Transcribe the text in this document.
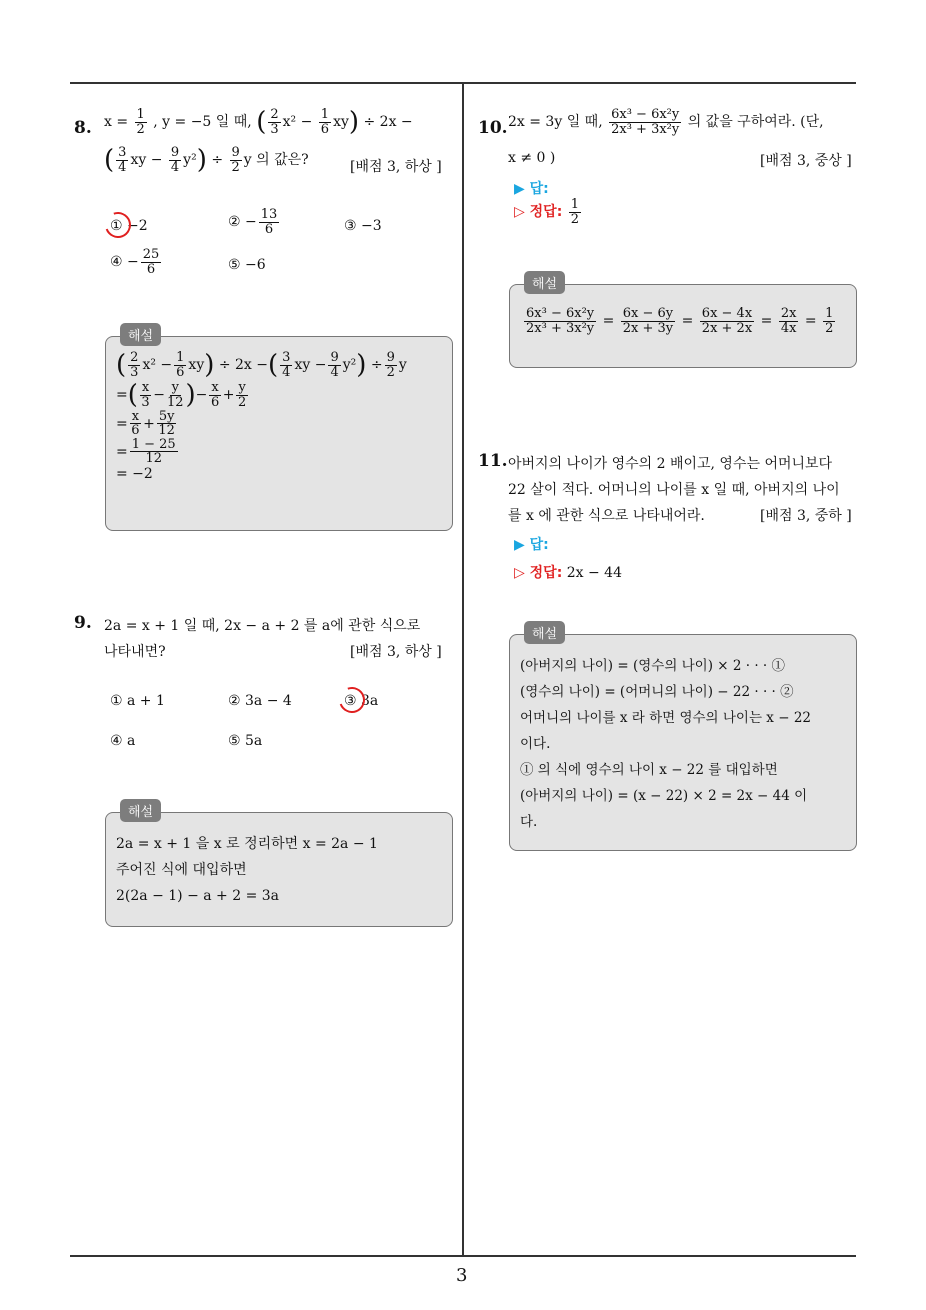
3
8. $x = \frac{1}{2}$ , y = −5 일 때, ( $\frac{2}{3} x^2 - \frac{1}{6} xy) \div 2x$ −
( $\frac{3}{4}$ xy − $\frac{9}{4} y^2) \div \frac{9}{2}$ y 의 값은?	[배점 3, 하상 ]
① −2	② − $\frac{13}{6}$	③ −3
④ − $\frac{25}{6}$	⑤ −6
( $\frac{2}{3} x^2 - \frac{1}{6} xy) \div 2x$ −( $\frac{3}{4}$ xy − $\frac{9}{4} y^2) \div \frac{9}{2}$ y
=( $\frac{x}{3} - \frac{y}{12}$ )− $\frac{x}{6} + \frac{y}{2}$
= $\frac{x}{6} + \frac{5y}{12}$
= $\frac{1 - 25}{12}$
= −2
해설
9. 2a = x + 1 일 때, 2x − a + 2 를 a에 관한 식으로
나타내면?	[배점 3, 하상 ]
① a + 1	② 3a − 4	③ 3a
④ a	⑤ 5a
2a = x + 1 을 x 로 정리하면 x = 2a − 1
주어진 식에 대입하면
2(2a − 1) − a + 2 = 3a
해설
10. 2x = 3y 일 때, $\frac{\text{6x³ − 6x²y}}{\text{2x³ + 3x²y}}$ 의 값을 구하여라. (단,
x ≠ 0 )	[배점 3, 중상 ]
▶ 답:
▷ 정답: $\frac{1}{2}$
$\frac{\text{6x³ − 6x²y}}{\text{2x³ + 3x²y}} = \frac{6x - 6y}{2x + 3y} = \frac{6x - 4x}{2x + 2x} = \frac{2x}{4x} = \frac{1}{2}$
해설
11. 아버지의 나이가 영수의 2 배이고, 영수는 어머니보다
22 살이 적다. 어머니의 나이를 x 일 때, 아버지의 나이
를 x 에 관한 식으로 나타내어라.	[배점 3, 중하 ]
▶ 답:
▷ 정답: 2x − 44
(아버지의 나이) = (영수의 나이) × 2 · · · ①
(영수의 나이) = (어머니의 나이) − 22 · · · ②
어머니의 나이를 x 라 하면 영수의 나이는 x − 22
이다.
① 의 식에 영수의 나이 x − 22 를 대입하면
(아버지의 나이) = (x − 22) × 2 = 2x − 44 이
다.
해설
